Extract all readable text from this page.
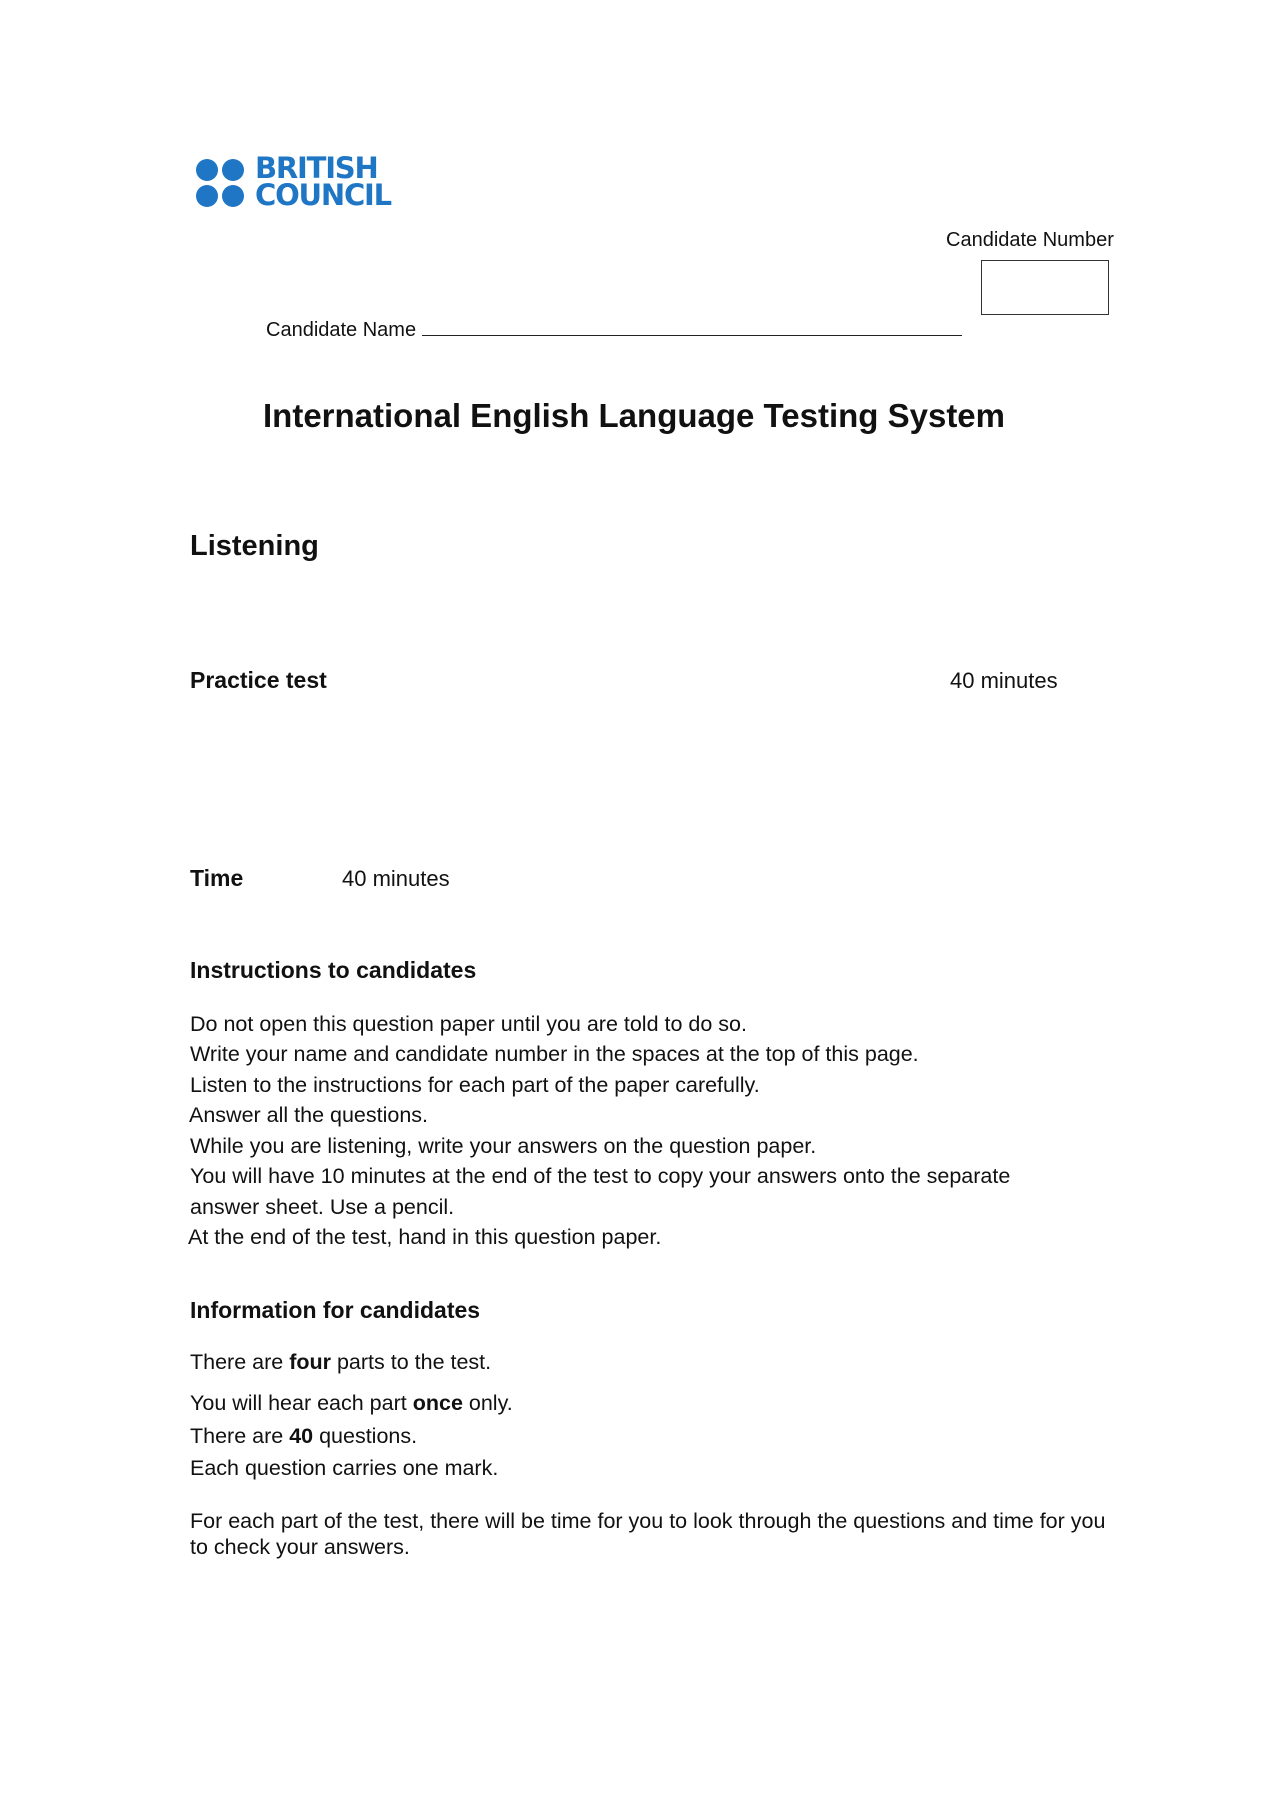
BRITISH
COUNCIL
Candidate Number
Candidate Name
International English Language Testing System
Listening
Practice test	40 minutes
Time	40 minutes
Instructions to candidates
Do not open this question paper until you are told to do so.
Write your name and candidate number in the spaces at the top of this page.
Listen to the instructions for each part of the paper carefully.
Answer all the questions.
While you are listening, write your answers on the question paper.
You will have 10 minutes at the end of the test to copy your answers onto the separate
answer sheet. Use a pencil.
At the end of the test, hand in this question paper.
Information for candidates
There are four parts to the test.
You will hear each part once only.
There are 40 questions.
Each question carries one mark.
For each part of the test, there will be time for you to look through the questions and time for you to check your answers.
